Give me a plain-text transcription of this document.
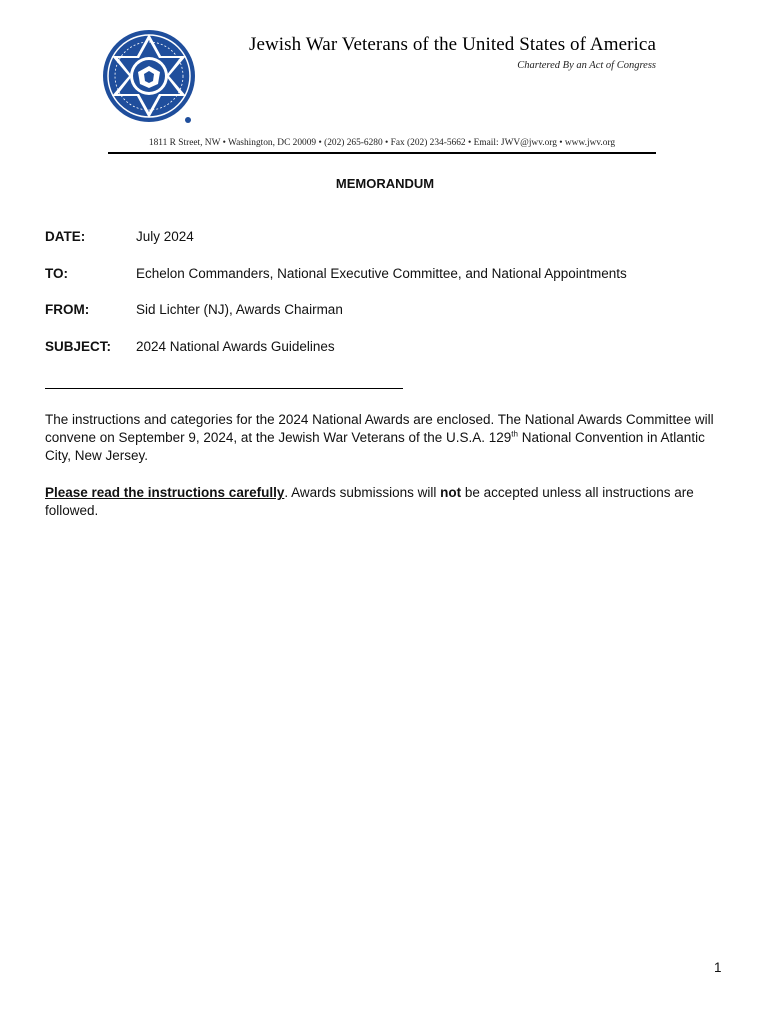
Jewish War Veterans of the United States of America
Chartered By an Act of Congress
1811 R Street, NW • Washington, DC 20009 • (202) 265-6280 • Fax (202) 234-5662 • Email: JWV@jwv.org • www.jwv.org
MEMORANDUM
DATE:	July 2024
TO:	Echelon Commanders, National Executive Committee, and National Appointments
FROM:	Sid Lichter (NJ), Awards Chairman
SUBJECT: 2024 National Awards Guidelines
The instructions and categories for the 2024 National Awards are enclosed. The National Awards Committee will convene on September 9, 2024, at the Jewish War Veterans of the U.S.A. 129th National Convention in Atlantic City, New Jersey.
Please read the instructions carefully. Awards submissions will not be accepted unless all instructions are followed.
1
